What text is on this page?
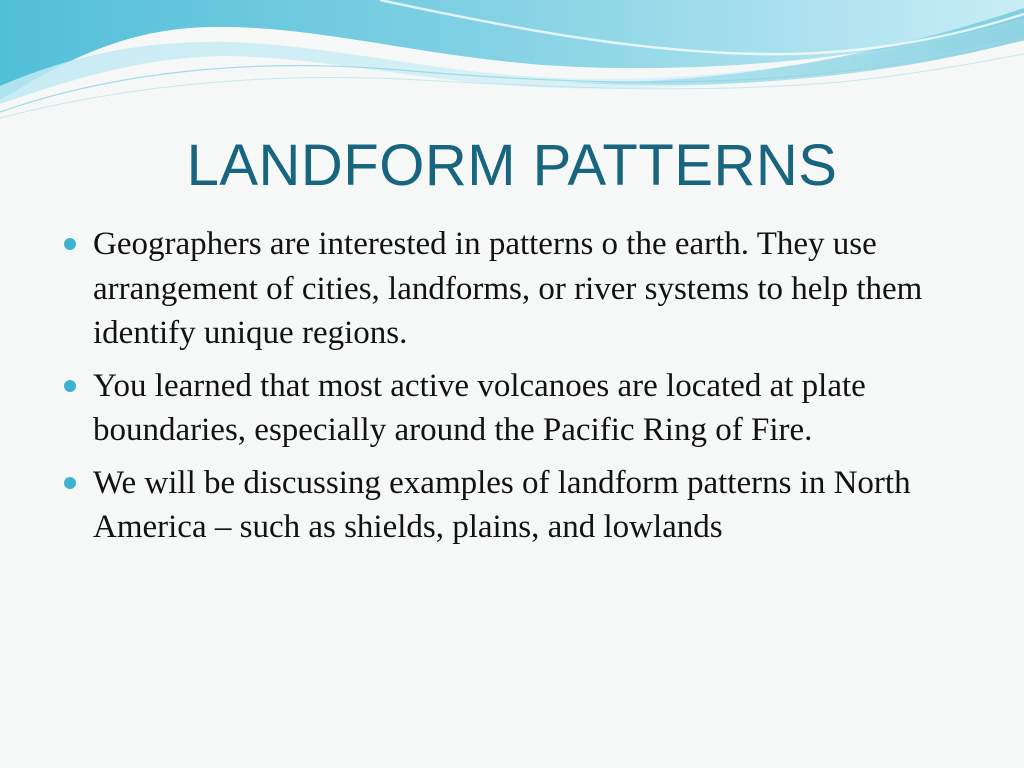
LANDFORM PATTERNS
Geographers are interested in patterns o the earth. They use arrangement of cities, landforms, or river systems to help them identify unique regions.
You learned that most active volcanoes are located at plate boundaries, especially around the Pacific Ring of Fire.
We will be discussing examples of landform patterns in North America – such as shields, plains, and lowlands
